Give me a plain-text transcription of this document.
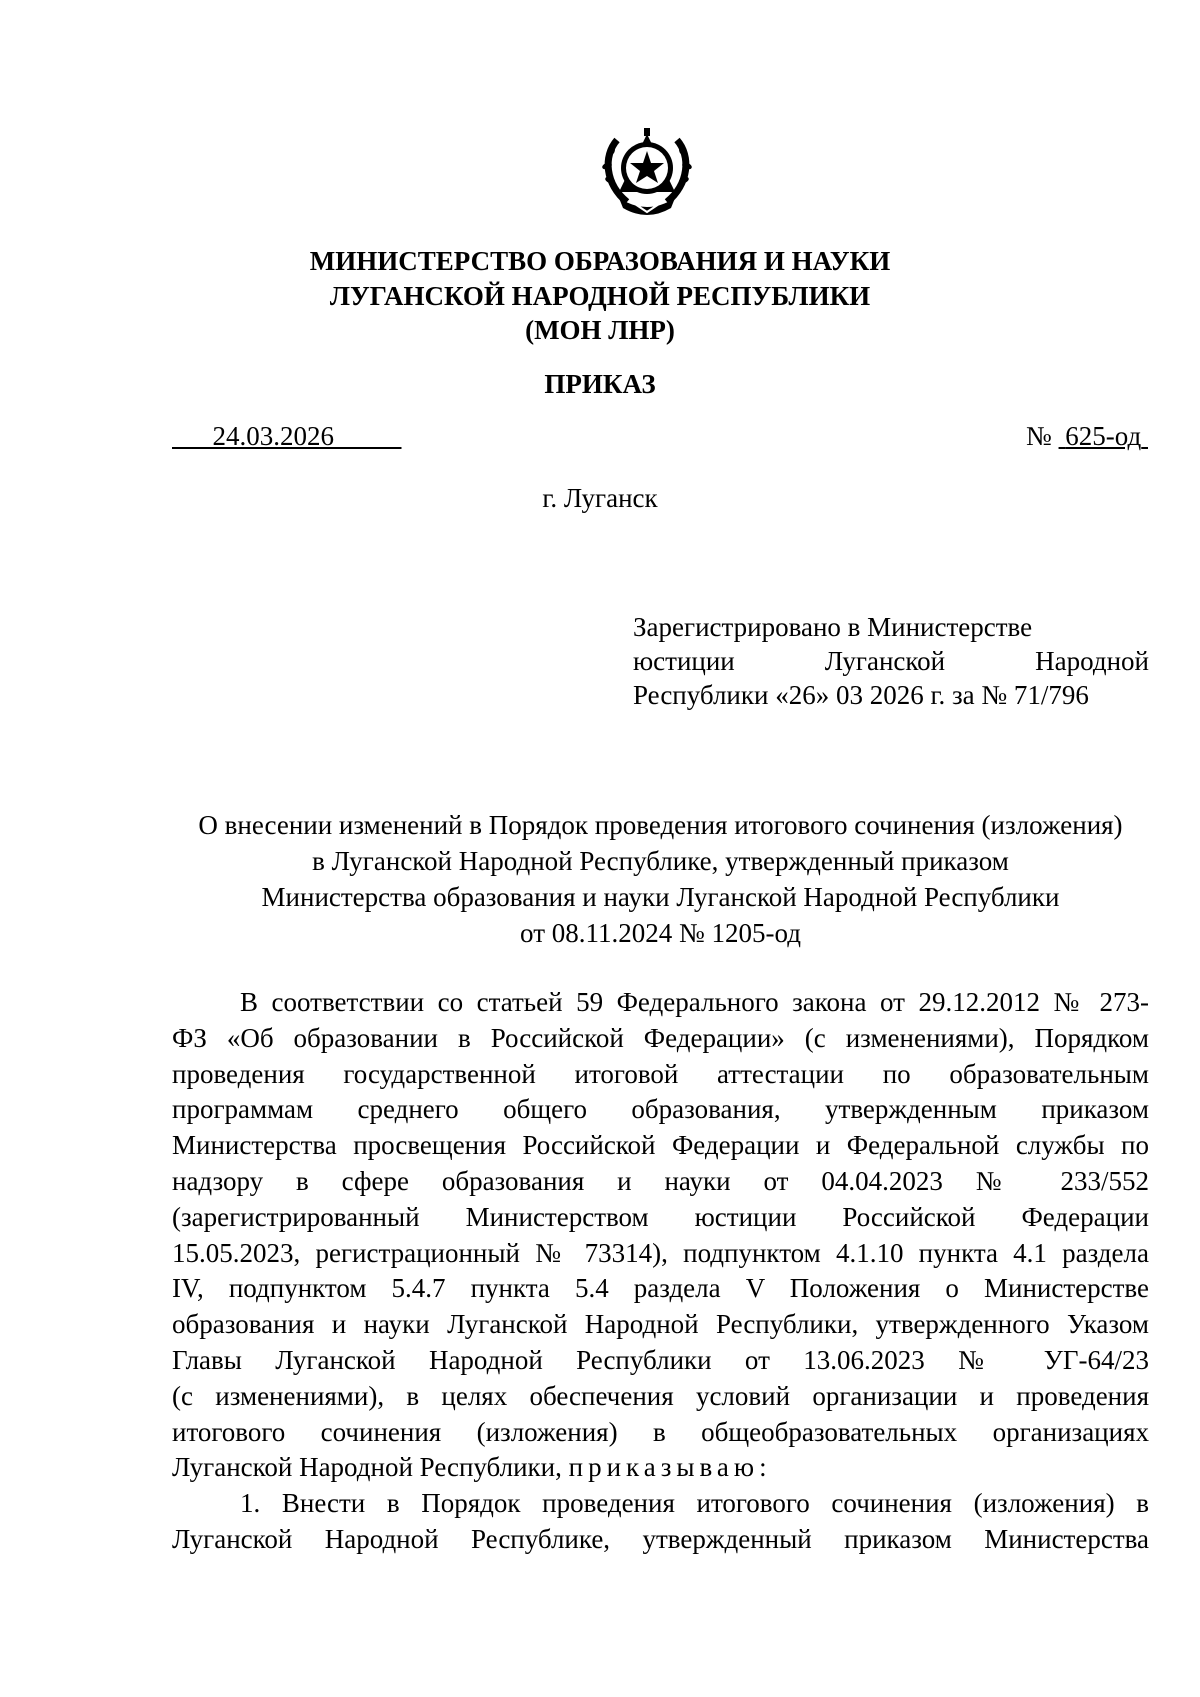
МИНИСТЕРСТВО ОБРАЗОВАНИЯ И НАУКИ
ЛУГАНСКОЙ НАРОДНОЙ РЕСПУБЛИКИ
(МОН ЛНР)
ПРИКАЗ
24.03.2026	№ 625-од
г. Луганск
Зарегистрировано в Министерстве
юстиции Луганской Народной
Республики «26» 03 2026 г. за № 71/796
О внесении изменений в Порядок проведения итогового сочинения (изложения)
в Луганской Народной Республике, утвержденный приказом
Министерства образования и науки Луганской Народной Республики
от 08.11.2024 № 1205-од
В соответствии со статьей 59 Федерального закона от 29.12.2012 № 273-
ФЗ «Об образовании в Российской Федерации» (с изменениями), Порядком
проведения государственной итоговой аттестации по образовательным
программам среднего общего образования, утвержденным приказом
Министерства просвещения Российской Федерации и Федеральной службы по
надзору в сфере образования и науки от 04.04.2023 № 233/552
(зарегистрированный Министерством юстиции Российской Федерации
15.05.2023, регистрационный № 73314), подпунктом 4.1.10 пункта 4.1 раздела
IV, подпунктом 5.4.7 пункта 5.4 раздела V Положения о Министерстве
образования и науки Луганской Народной Республики, утвержденного Указом
Главы Луганской Народной Республики от 13.06.2023 № УГ-64/23
(с изменениями), в целях обеспечения условий организации и проведения
итогового сочинения (изложения) в общеобразовательных организациях
Луганской Народной Республики, приказываю:
1. Внести в Порядок проведения итогового сочинения (изложения) в
Луганской Народной Республике, утвержденный приказом Министерства
